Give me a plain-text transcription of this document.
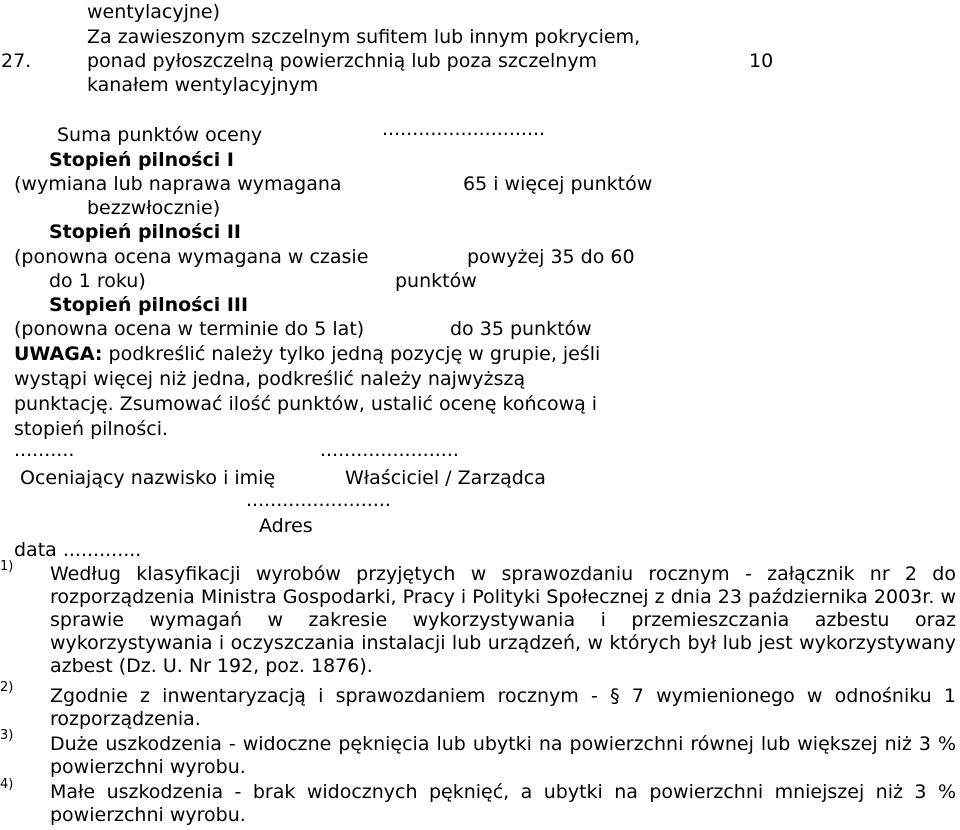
wentylacyjne)
Za zawieszonym szczelnym sufitem lub innym pokryciem,
27.	ponad pyłoszczelną powierzchnią lub poza szczelnym	10
kanałem wentylacyjnym
Suma punktów oceny	...........................
Stopień pilności I
(wymiana lub naprawa wymagana	65 i więcej punktów
bezzwłocznie)
Stopień pilności II
(ponowna ocena wymagana w czasie	powyżej 35 do 60
do 1 roku)	punktów
Stopień pilności III
(ponowna ocena w terminie do 5 lat)	do 35 punktów
UWAGA: podkreślić należy tylko jedną pozycję w grupie, jeśli
wystąpi więcej niż jedna, podkreślić należy najwyższą
punktację. Zsumować ilość punktów, ustalić ocenę końcową i
stopień pilności.
..........	.......................
Oceniający nazwisko i imię	Właściciel / Zarządca
........................
Adres
data .............
1) Według klasyfikacji wyrobów przyjętych w sprawozdaniu rocznym - załącznik nr 2 do rozporządzenia Ministra Gospodarki, Pracy i Polityki Społecznej z dnia 23 października 2003r. w sprawie wymagań w zakresie wykorzystywania i przemieszczania azbestu oraz wykorzystywania i oczyszczania instalacji lub urządzeń, w których był lub jest wykorzystywany azbest (Dz. U. Nr 192, poz. 1876).
2) Zgodnie z inwentaryzacją i sprawozdaniem rocznym - § 7 wymienionego w odnośniku 1 rozporządzenia.
3) Duże uszkodzenia - widoczne pęknięcia lub ubytki na powierzchni równej lub większej niż 3 % powierzchni wyrobu.
4) Małe uszkodzenia - brak widocznych pęknięć, a ubytki na powierzchni mniejszej niż 3 % powierzchni wyrobu.
